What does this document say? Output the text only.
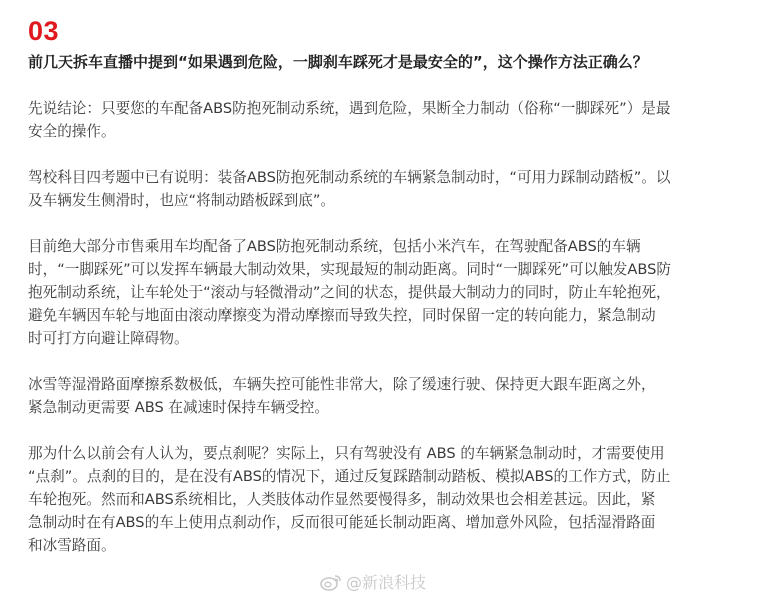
03
前几天拆车直播中提到“如果遇到危险，一脚刹车踩死才是最安全的”，这个操作方法正确么？

先说结论：只要您的车配备ABS防抱死制动系统，遇到危险，果断全力制动（俗称“一脚踩死”）是最
安全的操作。

驾校科目四考题中已有说明：装备ABS防抱死制动系统的车辆紧急制动时，“可用力踩制动踏板”。以
及车辆发生侧滑时，也应“将制动踏板踩到底”。

目前绝大部分市售乘用车均配备了ABS防抱死制动系统，包括小米汽车，在驾驶配备ABS的车辆
时，“一脚踩死”可以发挥车辆最大制动效果，实现最短的制动距离。同时“一脚踩死”可以触发ABS防
抱死制动系统，让车轮处于“滚动与轻微滑动”之间的状态，提供最大制动力的同时，防止车轮抱死，
避免车辆因车轮与地面由滚动摩擦变为滑动摩擦而导致失控，同时保留一定的转向能力，紧急制动
时可打方向避让障碍物。

冰雪等湿滑路面摩擦系数极低，车辆失控可能性非常大，除了缓速行驶、保持更大跟车距离之外，
紧急制动更需要 ABS 在减速时保持车辆受控。

那为什么以前会有人认为，要点刹呢？实际上，只有驾驶没有 ABS 的车辆紧急制动时，才需要使用
“点刹”。点刹的目的，是在没有ABS的情况下，通过反复踩踏制动踏板、模拟ABS的工作方式，防止
车轮抱死。然而和ABS系统相比，人类肢体动作显然要慢得多，制动效果也会相差甚远。因此，紧
急制动时在有ABS的车上使用点刹动作，反而很可能延长制动距离、增加意外风险，包括湿滑路面
和冰雪路面。

@新浪科技
